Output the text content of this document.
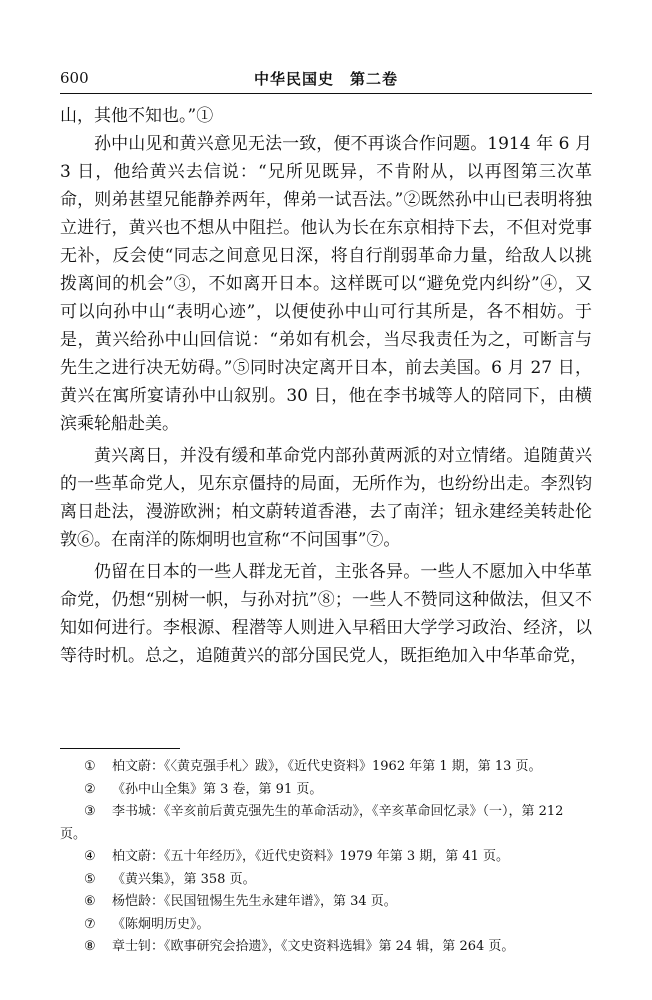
600	中华民国史　第二卷

山，其他不知也。”①

孙中山见和黄兴意见无法一致，便不再谈合作问题。1914 年 6 月 3 日，他给黄兴去信说：“兄所见既异，不肯附从，以再图第三次革命，则弟甚望兄能静养两年，俾弟一试吾法。”②既然孙中山已表明将独立进行，黄兴也不想从中阻拦。他认为长在东京相持下去，不但对党事无补，反会使“同志之间意见日深，将自行削弱革命力量，给敌人以挑拨离间的机会”③，不如离开日本。这样既可以“避免党内纠纷”④，又可以向孙中山“表明心迹”，以便使孙中山可行其所是，各不相妨。于是，黄兴给孙中山回信说：“弟如有机会，当尽我责任为之，可断言与先生之进行决无妨碍。”⑤同时决定离开日本，前去美国。6 月 27 日，黄兴在寓所宴请孙中山叙别。30 日，他在李书城等人的陪同下，由横滨乘轮船赴美。

黄兴离日，并没有缓和革命党内部孙黄两派的对立情绪。追随黄兴的一些革命党人，见东京僵持的局面，无所作为，也纷纷出走。李烈钧离日赴法，漫游欧洲；柏文蔚转道香港，去了南洋；钮永建经美转赴伦敦⑥。在南洋的陈炯明也宣称“不问国事”⑦。

仍留在日本的一些人群龙无首，主张各异。一些人不愿加入中华革命党，仍想“别树一帜，与孙对抗”⑧；一些人不赞同这种做法，但又不知如何进行。李根源、程潜等人则进入早稻田大学学习政治、经济，以等待时机。总之，追随黄兴的部分国民党人，既拒绝加入中华革命党，

① 柏文蔚：《〈黄克强手札〉跋》，《近代史资料》1962 年第 1 期，第 13 页。

② 《孙中山全集》第 3 卷，第 91 页。

③ 李书城：《辛亥前后黄克强先生的革命活动》，《辛亥革命回忆录》（一），第 212 页。

④ 柏文蔚：《五十年经历》，《近代史资料》1979 年第 3 期，第 41 页。

⑤ 《黄兴集》，第 358 页。

⑥ 杨恺龄：《民国钮惕生先生永建年谱》，第 34 页。

⑦ 《陈炯明历史》。

⑧ 章士钊：《欧事研究会拾遗》，《文史资料选辑》第 24 辑，第 264 页。
